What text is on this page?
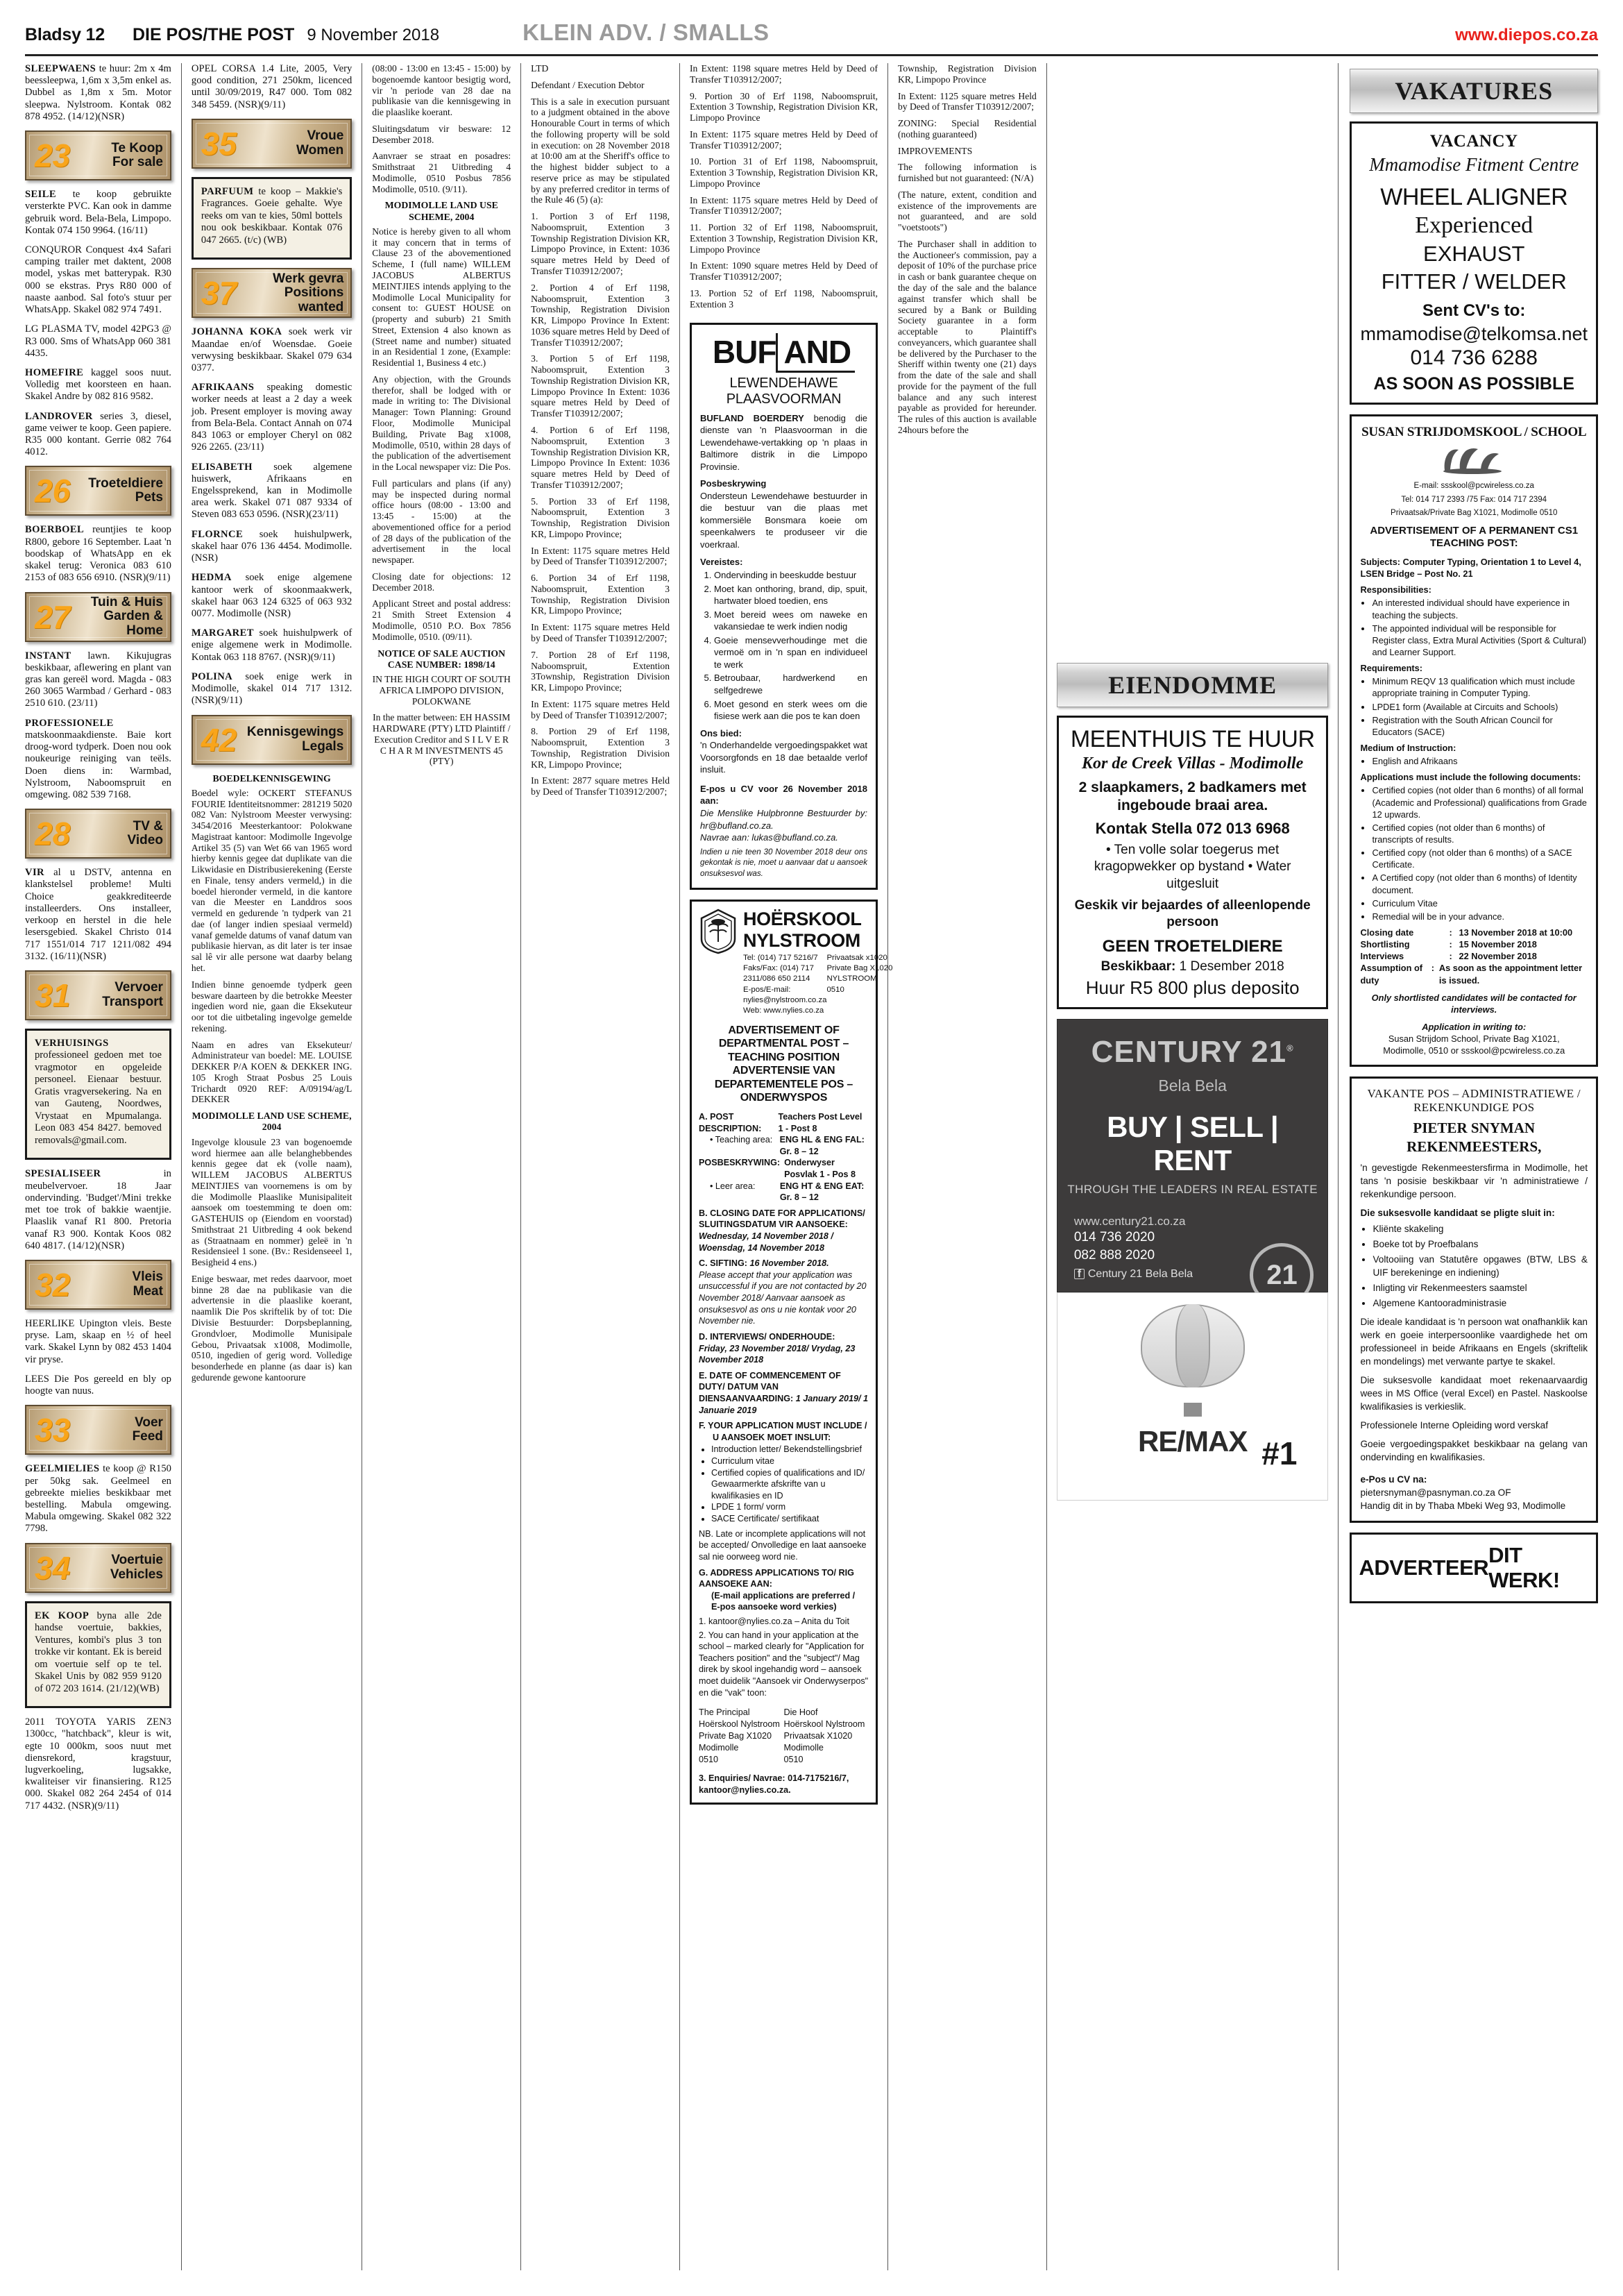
Bladsy 12 DIE POS/THE POST 9 November 2018	KLEIN ADV. / SMALLS	www.diepos.co.za

SLEEPWAENS te huur: 2m x 4m beessleepwa, 1,6m x 3,5m enkel as. Dubbel as 1,8m x 5m. Motor sleepwa. Nylstroom. Kontak 082 878 4952. (14/12)(NSR)

23	Te Koop
For sale

SEILE te koop gebruikte versterkte PVC. Kan ook in damme gebruik word. Bela-Bela, Limpopo. Kontak 074 150 9964. (16/11)

CONQUROR Conquest 4x4 Safari camping trailer met daktent, 2008 model, yskas met batterypak. R30 000 se ekstras. Prys R80 000 of naaste aanbod. Sal foto's stuur per WhatsApp. Skakel 082 974 7491.

LG PLASMA TV, model 42PG3 @ R3 000. Sms of WhatsApp 060 381 4435.

HOMEFIRE kaggel soos nuut. Volledig met koorsteen en haan. Skakel Andre by 082 816 9582.

LANDROVER series 3, diesel, game veiwer te koop. Geen papiere. R35 000 kontant. Gerrie 082 764 4012.

26	Troeteldiere
Pets

BOERBOEL reuntjies te koop R800, gebore 16 September. Laat 'n boodskap of WhatsApp en ek skakel terug: Veronica 083 610 2153 of 083 656 6910. (NSR)(9/11)

27	Tuin & Huis
Garden & Home

INSTANT lawn. Kikujugras beskikbaar, aflewering en plant van gras kan gereël word. Magda - 083 260 3065 Warmbad / Gerhard - 083 2510 610. (23/11)

PROFESSIONELE matskoonmaakdienste. Baie kort droog-word tydperk. Doen nou ook noukeurige reiniging van teëls. Doen diens in: Warmbad, Nylstroom, Naboomspruit en omgewing. 082 539 7168.

28	TV &
Video

VIR al u DSTV, antenna en klankstelsel probleme! Multi Choice geakkrediteerde installeerders. Ons installeer, verkoop en herstel in die hele lesersgebied. Skakel Christo 014 717 1551/014 717 1211/082 494 3132. (16/11)(NSR)

31	Vervoer
Transport

VERHUISINGS professioneel gedoen met toe vragmotor en opgeleide personeel. Eienaar bestuur. Gratis vragversekering. Na en van Gauteng, Noordwes, Vrystaat en Mpumalanga. Leon 083 454 8427. bemoved removals@gmail.com.

SPESIALISEER in meubelvervoer. 18 Jaar ondervinding. 'Budget'/Mini trekke met toe trok of bakkie waentjie. Plaaslik vanaf R1 800. Pretoria vanaf R3 900. Kontak Koos 082 640 4817. (14/12)(NSR)

32	Vleis
Meat

HEERLIKE Upington vleis. Beste pryse. Lam, skaap en ½ of heel vark. Skakel Lynn by 082 453 1404 vir pryse.

LEES Die Pos gereeld en bly op hoogte van nuus.

33	Voer
Feed

GEELMIELIES te koop @ R150 per 50kg sak. Geelmeel en gebreekte mielies beskikbaar met bestelling. Mabula omgewing. Mabula omgewing. Skakel 082 322 7798.

34	Voertuie
Vehicles

EK KOOP byna alle 2de handse voertuie, bakkies, Ventures, kombi's plus 3 ton trokke vir kontant. Ek is bereid om voertuie self op te tel. Skakel Unis by 082 959 9120 of 072 203 1614. (21/12)(WB)

2011 TOYOTA YARIS ZEN3 1300cc, "hatchback", kleur is wit, egte 10 000km, soos nuut met diensrekord, kragstuur, lugverkoeling, lugsakke, kwaliteiser vir finansiering. R125 000. Skakel 082 264 2454 of 014 717 4432. (NSR)(9/11)

OPEL CORSA 1.4 Lite, 2005, Very good condition, 271 250km, licenced until 30/09/2019, R47 000. Tom 082 348 5459. (NSR)(9/11)

35	Vroue
Women

PARFUUM te koop – Makkie's Fragrances. Goeie gehalte. Wye reeks om van te kies, 50ml bottels nou ook beskikbaar. Kontak 076 047 2665. (t/c) (WB)

37	Werk gevra
Positions wanted

JOHANNA KOKA soek werk vir Maandae en/of Woensdae. Goeie verwysing beskikbaar. Skakel 079 634 0377.

AFRIKAANS speaking domestic worker needs at least a 2 day a week job. Present employer is moving away from Bela-Bela. Contact Annah on 074 843 1063 or employer Cheryl on 082 926 2265. (23/11)

ELISABETH soek algemene huiswerk, Afrikaans en Engelssprekend, kan in Modimolle area werk. Skakel 071 087 9334 of Steven 083 653 0596. (NSR)(23/11)

FLORNCE soek huishulpwerk, skakel haar 076 136 4454. Modimolle. (NSR)

HEDMA soek enige algemene kantoor werk of skoonmaakwerk, skakel haar 063 124 6325 of 063 932 0077. Modimolle (NSR)

MARGARET soek huishulpwerk of enige algemene werk in Modimolle. Kontak 063 118 8767. (NSR)(9/11)

POLINA soek enige werk in Modimolle, skakel 014 717 1312. (NSR)(9/11)

42 Kennisgewings
Legals

BOEDELKENNISGEWING

Boedel wyle: OCKERT STEFANUS FOURIE Identiteitsnommer: 281219 5020 082 Van: Nylstroom Meester verwysing: 3454/2016 Meesterkantoor: Polokwane Magistraat kantoor: Modimolle Ingevolge Artikel 35 (5) van Wet 66 van 1965 word hierby kennis gegee dat duplikate van die Likwidasie en Distribusierekening (Eerste en Finale, tensy anders vermeld,) in die boedel hieronder vermeld, in die kantore van die Meester en Landdros soos vermeld en gedurende 'n tydperk van 21 dae (of langer indien spesiaal vermeld) vanaf gemelde datums of vanaf datum van publikasie hiervan, as dit later is ter insae sal lê vir alle persone wat daarby belang het.

Indien binne genoemde tydperk geen besware daarteen by die betrokke Meester ingedien word nie, gaan die Eksekuteur oor tot die uitbetaling ingevolge gemelde rekening.

Naam en adres van Eksekuteur/ Administrateur van boedel: ME. LOUISE DEKKER P/A KOEN & DEKKER ING. 105 Krogh Straat Posbus 25 Louis Trichardt 0920 REF: A/09194/ag/L DEKKER

MODIMOLLE LAND USE SCHEME, 2004

Ingevolge klousule 23 van bogenoemde word hiermee aan alle belanghebbendes kennis gegee dat ek (volle naam), WILLEM JACOBUS ALBERTUS MEINTJIES van voornemens is om by die Modimolle Plaaslike Munisipaliteit aansoek om toestemming te doen om: GASTEHUIS op (Eiendom en voorstad) Smithstraat 21 Uitbreding 4 ook bekend as (Straatnaam en nommer) geleë in 'n Residensieel 1 sone. (Bv.: Residenseeel 1, Besigheid 4 ens.)

Enige beswaar, met redes daarvoor, moet binne 28 dae na publikasie van die advertensie in die plaaslike koerant, naamlik Die Pos skriftelik by of tot: Die Divisie Bestuurder: Dorpsbeplanning, Grondvloer, Modimolle Munisipale Gebou, Privaatsak x1008, Modimolle, 0510, ingedien of gerig word. Volledige besonderhede en planne (as daar is) kan gedurende gewone kantoorure

(08:00 - 13:00 en 13:45 - 15:00) by bogenoemde kantoor besigtig word, vir 'n periode van 28 dae na publikasie van die kennisgewing in die plaaslike koerant.

Sluitingsdatum vir besware: 12 Desember 2018.

Aanvraer se straat en posadres: Smithstraat 21 Uitbreding 4 Modimolle, 0510 Posbus 7856 Modimolle, 0510. (9/11).

MODIMOLLE LAND USE SCHEME, 2004

Notice is hereby given to all whom it may concern that in terms of Clause 23 of the abovementioned Scheme, I (full name) WILLEM JACOBUS ALBERTUS MEINTJIES intends applying to the Modimolle Local Municipality for consent to: GUEST HOUSE on (property and suburb) 21 Smith Street, Extension 4 also known as (Street name and number) situated in an Residential 1 zone, (Example: Residential 1, Business 4 etc.)

Any objection, with the Grounds therefor, shall be lodged with or made in writing to: The Divisional Manager: Town Planning: Ground Floor, Modimolle Municipal Building, Private Bag x1008, Modimolle, 0510, within 28 days of the publication of the advertisement in the Local newspaper viz: Die Pos.

Full particulars and plans (if any) may be inspected during normal office hours (08:00 - 13:00 and 13:45 - 15:00) at the abovementioned office for a period of 28 days of the publication of the advertisement in the local newspaper.

Closing date for objections: 12 December 2018.

Applicant Street and postal address: 21 Smith Street Extension 4 Modimolle, 0510 P.O. Box 7856 Modimolle, 0510. (09/11).

NOTICE OF SALE AUCTION CASE NUMBER: 1898/14

IN THE HIGH COURT OF SOUTH AFRICA LIMPOPO DIVISION, POLOKWANE

In the matter between: EH HASSIM HARDWARE (PTY) LTD Plaintiff / Execution Creditor and S I L V E R C H A R M INVESTMENTS 45 (PTY)

LTD

Defendant / Execution Debtor

This is a sale in execution pursuant to a judgment obtained in the above Honourable Court in terms of which the following property will be sold in execution: on 28 November 2018 at 10:00 am at the Sheriff's office to the highest bidder subject to a reserve price as may be stipulated by any preferred creditor in terms of the Rule 46 (5) (a):

1. Portion 3 of Erf 1198, Naboomspruit, Extention 3 Township Registration Division KR, Limpopo Province, in Extent: 1036 square metres Held by Deed of Transfer T103912/2007;

2. Portion 4 of Erf 1198, Naboomspruit, Extention 3 Township, Registration Division KR, Limpopo Province In Extent: 1036 square metres Held by Deed of Transfer T103912/2007;

3. Portion 5 of Erf 1198, Naboomspruit, Extention 3 Township Registration Division KR, Limpopo Province In Extent: 1036 square metres Held by Deed of Transfer T103912/2007;

4. Portion 6 of Erf 1198, Naboomspruit, Extention 3 Township Registration Division KR, Limpopo Province In Extent: 1036 square metres Held by Deed of Transfer T103912/2007;

5. Portion 33 of Erf 1198, Naboomspruit, Extention 3 Township, Registration Division KR, Limpopo Province;

In Extent: 1175 square metres Held by Deed of Transfer T103912/2007;

6. Portion 34 of Erf 1198, Naboomspruit, Extention 3 Township, Registration Division KR, Limpopo Province;

In Extent: 1175 square metres Held by Deed of Transfer T103912/2007;

7. Portion 28 of Erf 1198, Naboomspruit, Extention 3Township, Registration Division KR, Limpopo Province;

In Extent: 1175 square metres Held by Deed of Transfer T103912/2007;

8. Portion 29 of Erf 1198, Naboomspruit, Extention 3 Township, Registration Division KR, Limpopo Province;

In Extent: 2877 square metres Held by Deed of Transfer T103912/2007;

In Extent: 1198 square metres Held by Deed of Transfer T103912/2007;

9. Portion 30 of Erf 1198, Naboomspruit, Extention 3 Township, Registration Division KR, Limpopo Province

In Extent: 1175 square metres Held by Deed of Transfer T103912/2007;

10. Portion 31 of Erf 1198, Naboomspruit, Extention 3 Township, Registration Division KR, Limpopo Province

In Extent: 1175 square metres Held by Deed of Transfer T103912/2007;

11. Portion 32 of Erf 1198, Naboomspruit, Extention 3 Township, Registration Division KR, Limpopo Province

In Extent: 1090 square metres Held by Deed of Transfer T103912/2007;

13. Portion 52 of Erf 1198, Naboomspruit, Extention 3

BUF AND
LEWENDEHAWE PLAASVOORMAN
BUFLAND BOERDERY benodig die dienste van 'n Plaasvoorman in die Lewendehawe-vertakking op 'n plaas in Baltimore distrik in die Limpopo Provinsie.
Posbeskrywing
Ondersteun Lewendehawe bestuurder in die bestuur van die plaas met kommersiële Bonsmara koeie om speenkalwers te produseer vir die voerkraal.
Vereistes:
1. Ondervinding in beeskudde bestuur
2. Moet kan onthoring, brand, dip, spuit, hartwater bloed toedien, ens
3. Moet bereid wees om naweke en vakansiedae te werk indien nodig
4. Goeie mensevverhoudinge met die vermoë om in 'n span en individueel te werk
5. Betroubaar, hardwerkend en selfgedrewe
6. Moet gesond en sterk wees om die fisiese werk aan die pos te kan doen
Ons bied:
'n Onderhandelde vergoedingspakket wat Voorsorgfonds en 18 dae betaalde verlof insluit.
E-pos u CV voor 26 November 2018 aan:
Die Menslike Hulpbronne Bestuurder by: hr@bufland.co.za.
Navrae aan: lukas@bufland.co.za.
Indien u nie teen 30 November 2018 deur ons gekontak is nie, moet u aanvaar dat u aansoek onsuksesvol was.
HOËRSKOOL NYLSTROOM
Tel: (014) 717 5216/7
Faks/Fax: (014) 717 2311/086 650 2114
E-pos/E-mail: nylies@nylstroom.co.za
Web: www.nylies.co.za
Privaatsak x1020
Private Bag X1020
NYLSTROOM
0510
ADVERTISEMENT OF DEPARTMENTAL POST –
TEACHING POSITION
ADVERTENSIE VAN DEPARTEMENTELE POS –
ONDERWYSPOS
A. POST DESCRIPTION:
Teachers Post Level 1 - Post 8
• Teaching area: ENG HL & ENG FAL: Gr. 8 – 12
POSBESKRYWING: Onderwyser Posvlak 1 - Pos 8
• Leer area:	ENG HT & ENG EAT: Gr. 8 – 12
B. CLOSING DATE FOR APPLICATIONS/ SLUITINGSDATUM VIR AANSOEKE:
Wednesday, 14 November 2018 / Woensdag, 14 November 2018
C. SIFTING: 16 November 2018.
Please accept that your application was unsuccessful if you are not contacted by 20 November 2018/ Aanvaar aansoek as onsuksesvol as ons u nie kontak voor 20 November nie.
D. INTERVIEWS/ ONDERHOUDE:
Friday, 23 November 2018/ Vrydag, 23 November 2018
E. DATE OF COMMENCEMENT OF DUTY/ DATUM VAN DIENSAANVAARDING: 1 January 2019/ 1 Januarie 2019
F. YOUR APPLICATION MUST INCLUDE /
U AANSOEK MOET INSLUIT:
• Introduction letter/ Bekendstellingsbrief
• Curriculum vitae
• Certified copies of qualifications and ID/ Gewaarmerkte afskrifte van u kwalifikasies en ID
• LPDE 1 form/ vorm
• SACE Certificate/ sertifikaat
NB. Late or incomplete applications will not be accepted/ Onvolledige en laat aansoeke sal nie oorweeg word nie.
G. ADDRESS APPLICATIONS TO/ RIG AANSOEKE AAN:
(E-mail applications are preferred /
E-pos aansoeke word verkies)
1. kantoor@nylies.co.za – Anita du Toit
2. You can hand in your application at the school – marked clearly for "Application for Teachers position" and the "subject"/ Mag direk by skool ingehandig word – aansoek moet duidelik "Aansoek vir Onderwyserpos" en die "vak" toon:
The Principal
Hoërskool Nylstroom
Private Bag X1020
Modimolle
0510
Die Hoof
Hoërskool Nylstroom
Privaatsak X1020
Modimolle
0510
3. Enquiries/ Navrae: 014-7175216/7, kantoor@nylies.co.za.

Township, Registration Division KR, Limpopo Province

In Extent: 1125 square metres Held by Deed of Transfer T103912/2007;

ZONING: Special Residential (nothing guaranteed)

IMPROVEMENTS

The following information is furnished but not guaranteed: (N/A)

(The nature, extent, condition and existence of the improvements are not guaranteed, and are sold "voetstoots")

The Purchaser shall in addition to the Auctioneer's commission, pay a deposit of 10% of the purchase price in cash or bank guarantee cheque on the day of the sale and the balance against transfer which shall be secured by a Bank or Building Society guarantee in a form acceptable to Plaintiff's conveyancers, which guarantee shall be delivered by the Purchaser to the Sheriff within twenty one (21) days from the date of the sale and shall provide for the payment of the full balance and any such interest payable as provided for hereunder. The rules of this auction is available 24hours before the

EIENDOMME
MEENTHUIS TE HUUR
Kor de Creek Villas - Modimolle
2 slaapkamers, 2 badkamers met ingeboude braai area.
Kontak Stella 072 013 6968
• Ten volle solar toegerus met kragopwekker op bystand • Water uitgesluit
Geskik vir bejaardes of alleenlopende persoon
GEEN TROETELDIERE
Beskikbaar: 1 Desember 2018
Huur R5 800 plus deposito
CENTURY 21®
Bela Bela
BUY | SELL | RENT
THROUGH THE LEADERS IN REAL ESTATE
www.century21.co.za
014 736 2020
082 888 2020
f Century 21 Bela Bela	21
RE/MAX #1
VAKATURES
VACANCY
Mmamodise Fitment Centre
WHEEL ALIGNER
Experienced
EXHAUST
FITTER / WELDER
Sent CV's to:
mmamodise@telkomsa.net
014 736 6288
AS SOON AS POSSIBLE
SUSAN STRIJDOMSKOOL / SCHOOL
E-mail: ssskool@pcwireless.co.za
Tel: 014 717 2393 /75 Fax: 014 717 2394
Privaatsak/Private Bag X1021, Modimolle 0510
ADVERTISEMENT OF A PERMANENT CS1 TEACHING POST:
Subjects: Computer Typing, Orientation 1 to Level 4, LSEN Bridge – Post No. 21
Responsibilities:
• An interested individual should have experience in teaching the subjects.
• The appointed individual will be responsible for Register class, Extra Mural Activities (Sport & Cultural) and Learner Support.
Requirements:
• Minimum REQV 13 qualification which must include appropriate training in Computer Typing.
• LPDE1 form (Available at Circuits and Schools)
• Registration with the South African Council for Educators (SACE)
Medium of Instruction:
• English and Afrikaans
Applications must include the following documents:
• Certified copies (not older than 6 months) of all formal (Academic and Professional) qualifications from Grade 12 upwards.
• Certified copies (not older than 6 months) of transcripts of results.
• Certified copy (not older than 6 months) of a SACE Certificate.
• A Certified copy (not older than 6 months) of Identity document.
• Curriculum Vitae
• Remedial will be in your advance.
Closing date	: 13 November 2018 at 10:00
Shortlisting	: 15 November 2018
Interviews	: 22 November 2018
Assumption of duty
: As soon as the appointment letter is issued.
Only shortlisted candidates will be contacted for interviews.
Application in writing to:
Susan Strijdom School, Private Bag X1021,
Modimolle, 0510 or ssskool@pcwireless.co.za
VAKANTE POS – ADMINISTRATIEWE / REKENKUNDIGE POS
PIETER SNYMAN REKENMEESTERS,
'n gevestigde Rekenmeestersfirma in Modimolle, het tans 'n posisie beskikbaar vir 'n administratiewe / rekenkundige persoon.
Die suksesvolle kandidaat se pligte sluit in:
• Kliënte skakeling
• Boeke tot by Proefbalans
• Voltooiing van Statutêre opgawes (BTW, LBS & UIF berekeninge en indiening)
• Inligting vir Rekenmeesters saamstel
• Algemene Kantooradministrasie
Die ideale kandidaat is 'n persoon wat onafhanklik kan werk en goeie interpersoonlike vaardighede het om professioneel in beide Afrikaans en Engels (skriftelik en mondelings) met verwante partye te skakel.
Die suksesvolle kandidaat moet rekenaarvaardig wees in MS Office (veral Excel) en Pastel. Naskoolse kwalifikasies is verkieslik.
Professionele Interne Opleiding word verskaf
Goeie vergoedingspakket beskikbaar na gelang van ondervinding en kwalifikasies.
e-Pos u CV na:
pietersnyman@pasnyman.co.za OF
Handig dit in by Thaba Mbeki Weg 93, Modimolle
ADVERTEER
DIT WERK!
